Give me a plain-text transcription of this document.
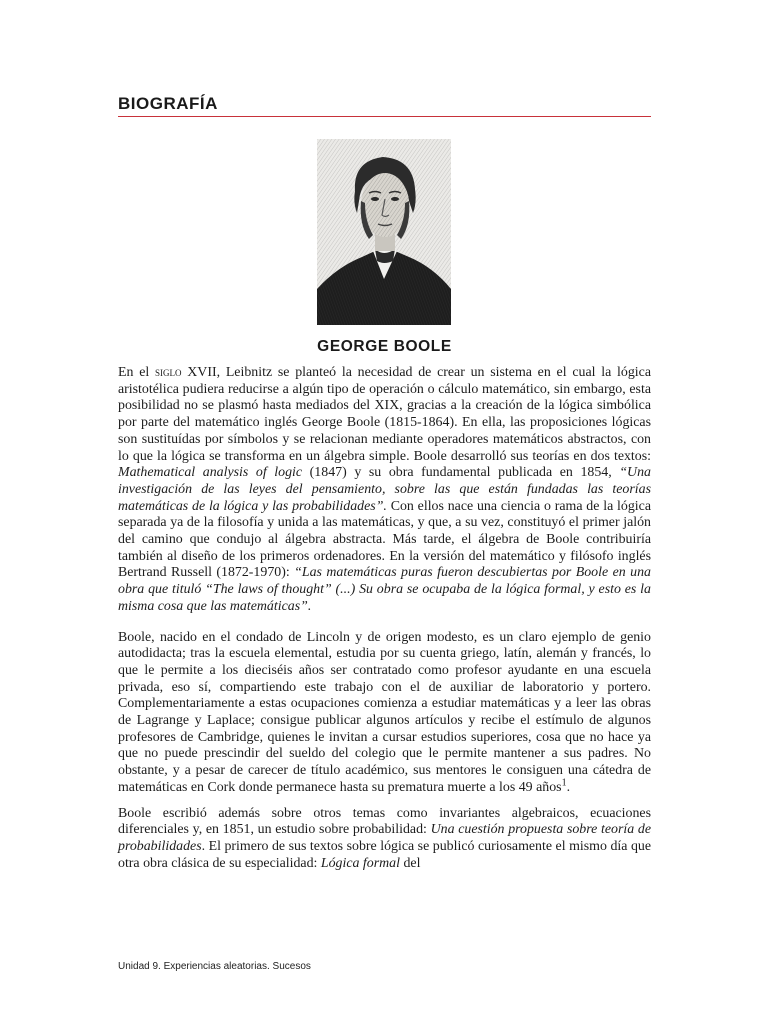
BIOGRAFÍA
GEORGE BOOLE

En el siglo XVII, Leibnitz se planteó la necesidad de crear un sistema en el cual la lógica aristotélica pudiera reducirse a algún tipo de operación o cálculo matemático, sin embargo, esta posibilidad no se plasmó hasta mediados del XIX, gracias a la creación de la lógica simbólica por parte del matemático inglés George Boole (1815-1864). En ella, las proposiciones lógicas son sustituídas por símbolos y se relacionan mediante operadores matemáticos abstractos, con lo que la lógica se transforma en un álgebra simple. Boole desarrolló sus teorías en dos textos: Mathematical analysis of logic (1847) y su obra fundamental publicada en 1854, “Una investigación de las leyes del pensamiento, sobre las que están fundadas las teorías matemáticas de la lógica y las probabilidades”. Con ellos nace una ciencia o rama de la lógica separada ya de la filosofía y unida a las matemáticas, y que, a su vez, constituyó el primer jalón del camino que condujo al álgebra abstracta. Más tarde, el álgebra de Boole contribuiría también al diseño de los primeros ordenadores. En la versión del matemático y filósofo inglés Bertrand Russell (1872-1970): “Las matemáticas puras fueron descubiertas por Boole en una obra que tituló “The laws of thought” (...) Su obra se ocupaba de la lógica formal, y esto es la misma cosa que las matemáticas”.

Boole, nacido en el condado de Lincoln y de origen modesto, es un claro ejemplo de genio autodidacta; tras la escuela elemental, estudia por su cuenta griego, latín, alemán y francés, lo que le permite a los dieciséis años ser contratado como profesor ayudante en una escuela privada, eso sí, compartiendo este trabajo con el de auxiliar de laboratorio y portero. Complementariamente a estas ocupaciones comienza a estudiar matemáticas y a leer las obras de Lagrange y Laplace; consigue publicar algunos artículos y recibe el estímulo de algunos profesores de Cambridge, quienes le invitan a cursar estudios superiores, cosa que no hace ya que no puede prescindir del sueldo del colegio que le permite mantener a sus padres. No obstante, y a pesar de carecer de título académico, sus mentores le consiguen una cátedra de matemáticas en Cork donde permanece hasta su prematura muerte a los 49 años$^1$.

Boole escribió además sobre otros temas como invariantes algebraicos, ecuaciones diferenciales y, en 1851, un estudio sobre probabilidad: Una cuestión propuesta sobre teoría de probabilidades. El primero de sus textos sobre lógica se publicó curiosamente el mismo día que otra obra clásica de su especialidad: Lógica formal del

Unidad 9. Experiencias aleatorias. Sucesos
